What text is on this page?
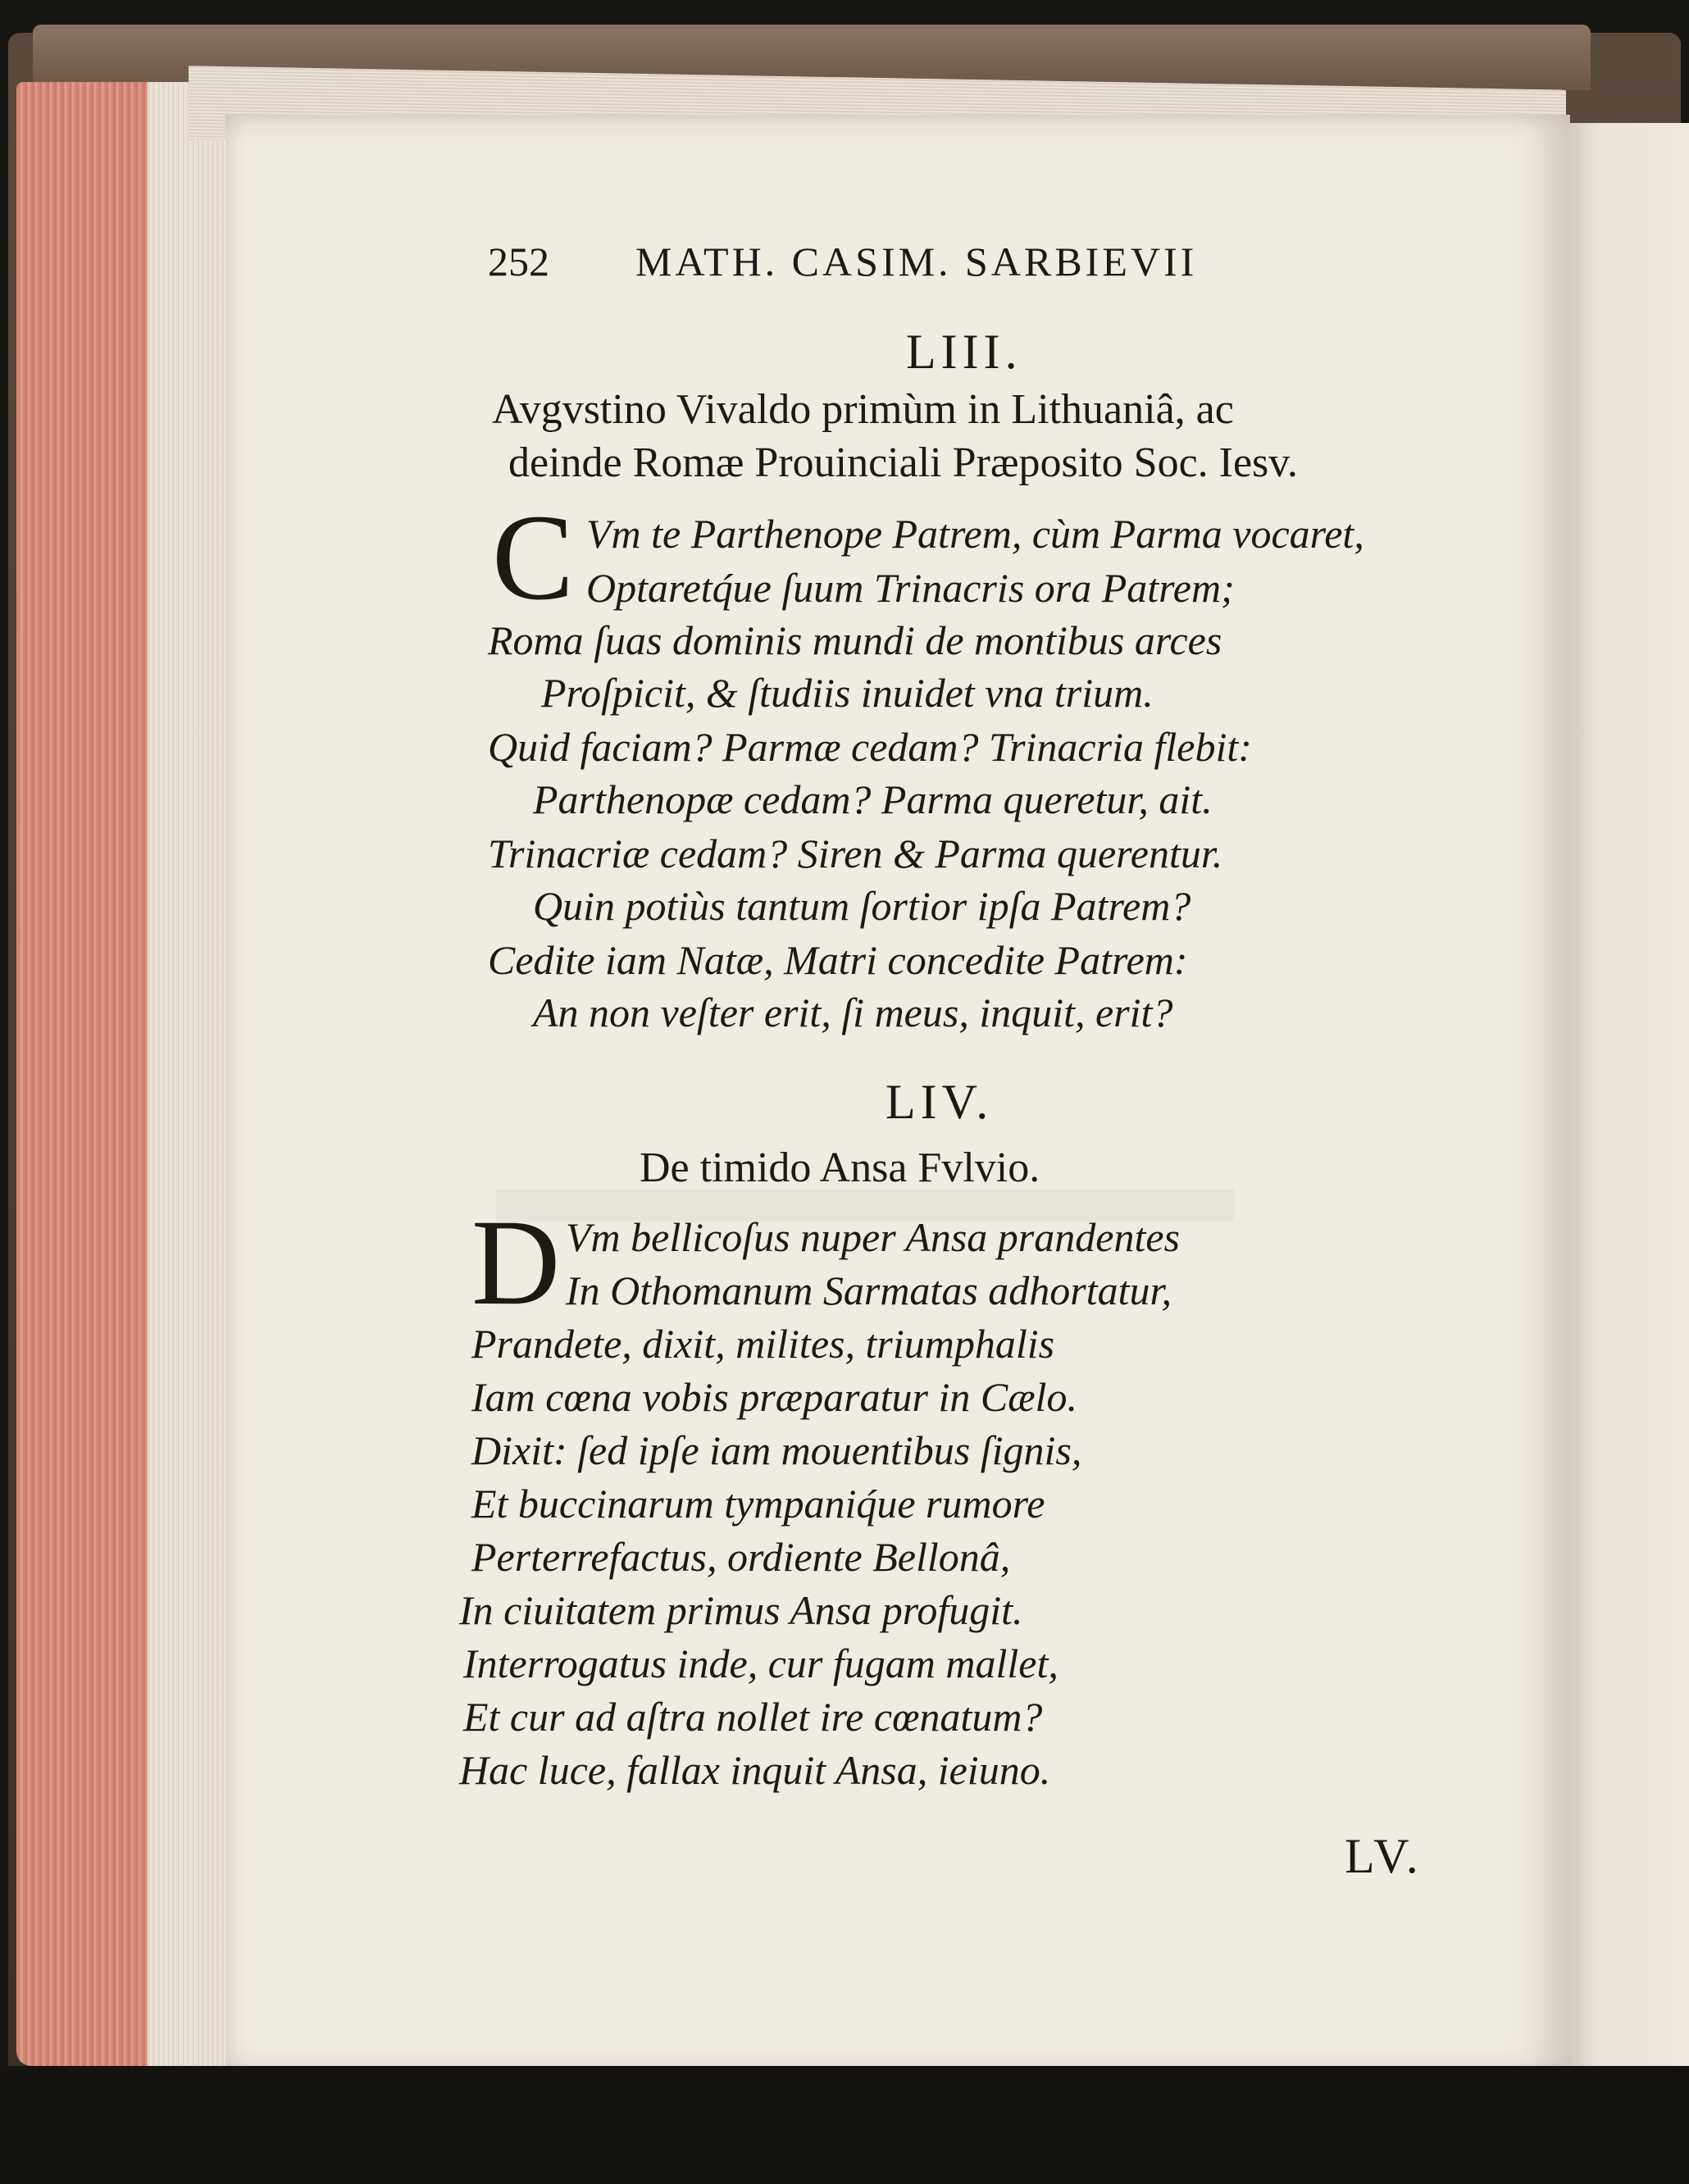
252 MATH. CASIM. SARBIEVII
LIII.
Avgvstino Vivaldo primùm in Lithuaniâ, ac
deinde Romæ Prouinciali Præposito Soc. Iesv.
C Vm te Parthenope Patrem, cùm Parma vocaret,
Optaretq́ue ſuum Trinacris ora Patrem;
Roma ſuas dominis mundi de montibus arces
Proſpicit, & ſtudiis inuidet vna trium.
Quid faciam? Parmæ cedam? Trinacria flebit:
Parthenopæ cedam? Parma queretur, ait.
Trinacriæ cedam? Siren & Parma querentur.
Quin potiùs tantum ſortior ipſa Patrem?
Cedite iam Natæ, Matri concedite Patrem:
An non veſter erit, ſi meus, inquit, erit?
LIV.
De timido Ansa Fvlvio.
D Vm bellicoſus nuper Ansa prandentes
In Othomanum Sarmatas adhortatur,
Prandete, dixit, milites, triumphalis
Iam cœna vobis præparatur in Cælo.
Dixit: ſed ipſe iam mouentibus ſignis,
Et buccinarum tympaniq́ue rumore
Perterrefactus, ordiente Bellonâ,
In ciuitatem primus Ansa profugit.
Interrogatus inde, cur fugam mallet,
Et cur ad aſtra nollet ire cœnatum?
Hac luce, fallax inquit Ansa, ieiuno.
LV.
